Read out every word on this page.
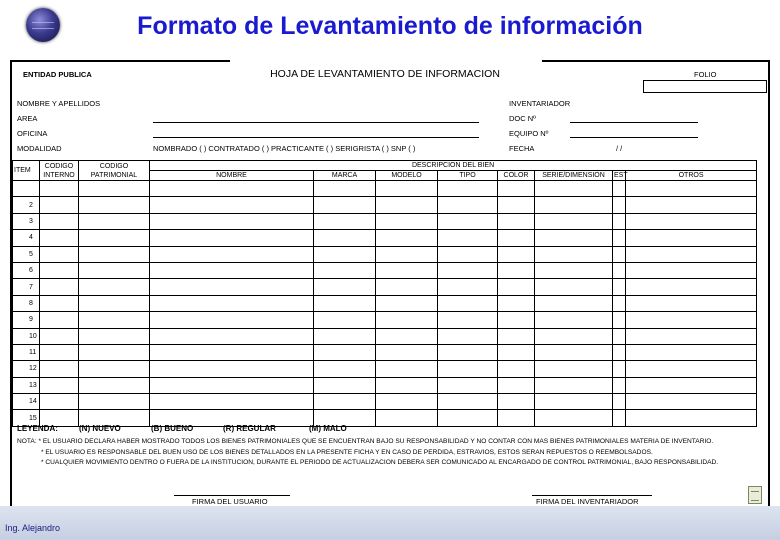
Formato de Levantamiento de información
HOJA DE LEVANTAMIENTO DE INFORMACION
ENTIDAD PUBLICA	FOLIO
NOMBRE Y APELLIDOS
AREA
OFICINA
MODALIDAD	NOMBRADO ( ) CONTRATADO ( ) PRACTICANTE ( ) SERIGRISTA ( ) SNP ( )
INVENTARIADOR
DOC Nº
EQUIPO Nº
FECHA	/ /
ITEM	CODIGO INTERNO	CODIGO PATRIMONIAL	DESCRIPCION DEL BIEN							
			NOMBRE	MARCA	MODELO	TIPO	COLOR	SERIE/DIMENSION	EST	OTROS

2										
3										
4										
5										
6										
7										
8										
9										
10										
11										
12										
13										
14										
15										
LEYENDA:	(N) NUEVO	(B) BUENO	(R) REGULAR	(M) MALO
NOTA: * EL USUARIO DECLARA HABER MOSTRADO TODOS LOS BIENES PATRIMONIALES QUE SE ENCUENTRAN BAJO SU RESPONSABILIDAD Y NO CONTAR CON MAS BIENES PATRIMONIALES MATERIA DE INVENTARIO.
* EL USUARIO ES RESPONSABLE DEL BUEN USO DE LOS BIENES DETALLADOS EN LA PRESENTE FICHA Y EN CASO DE PERDIDA, ESTRAVIOS, ESTOS SERAN REPUESTOS O REEMBOLSADOS.
* CUALQUIER MOVIMIENTO DENTRO O FUERA DE LA INSTITUCION, DURANTE EL PERIODO DE ACTUALIZACION DEBERA SER COMUNICADO AL ENCARGADO DE CONTROL PATRIMONIAL, BAJO RESPONSABILIDAD.
FIRMA DEL USUARIO	FIRMA DEL INVENTARIADOR
Ing. Alejandro
